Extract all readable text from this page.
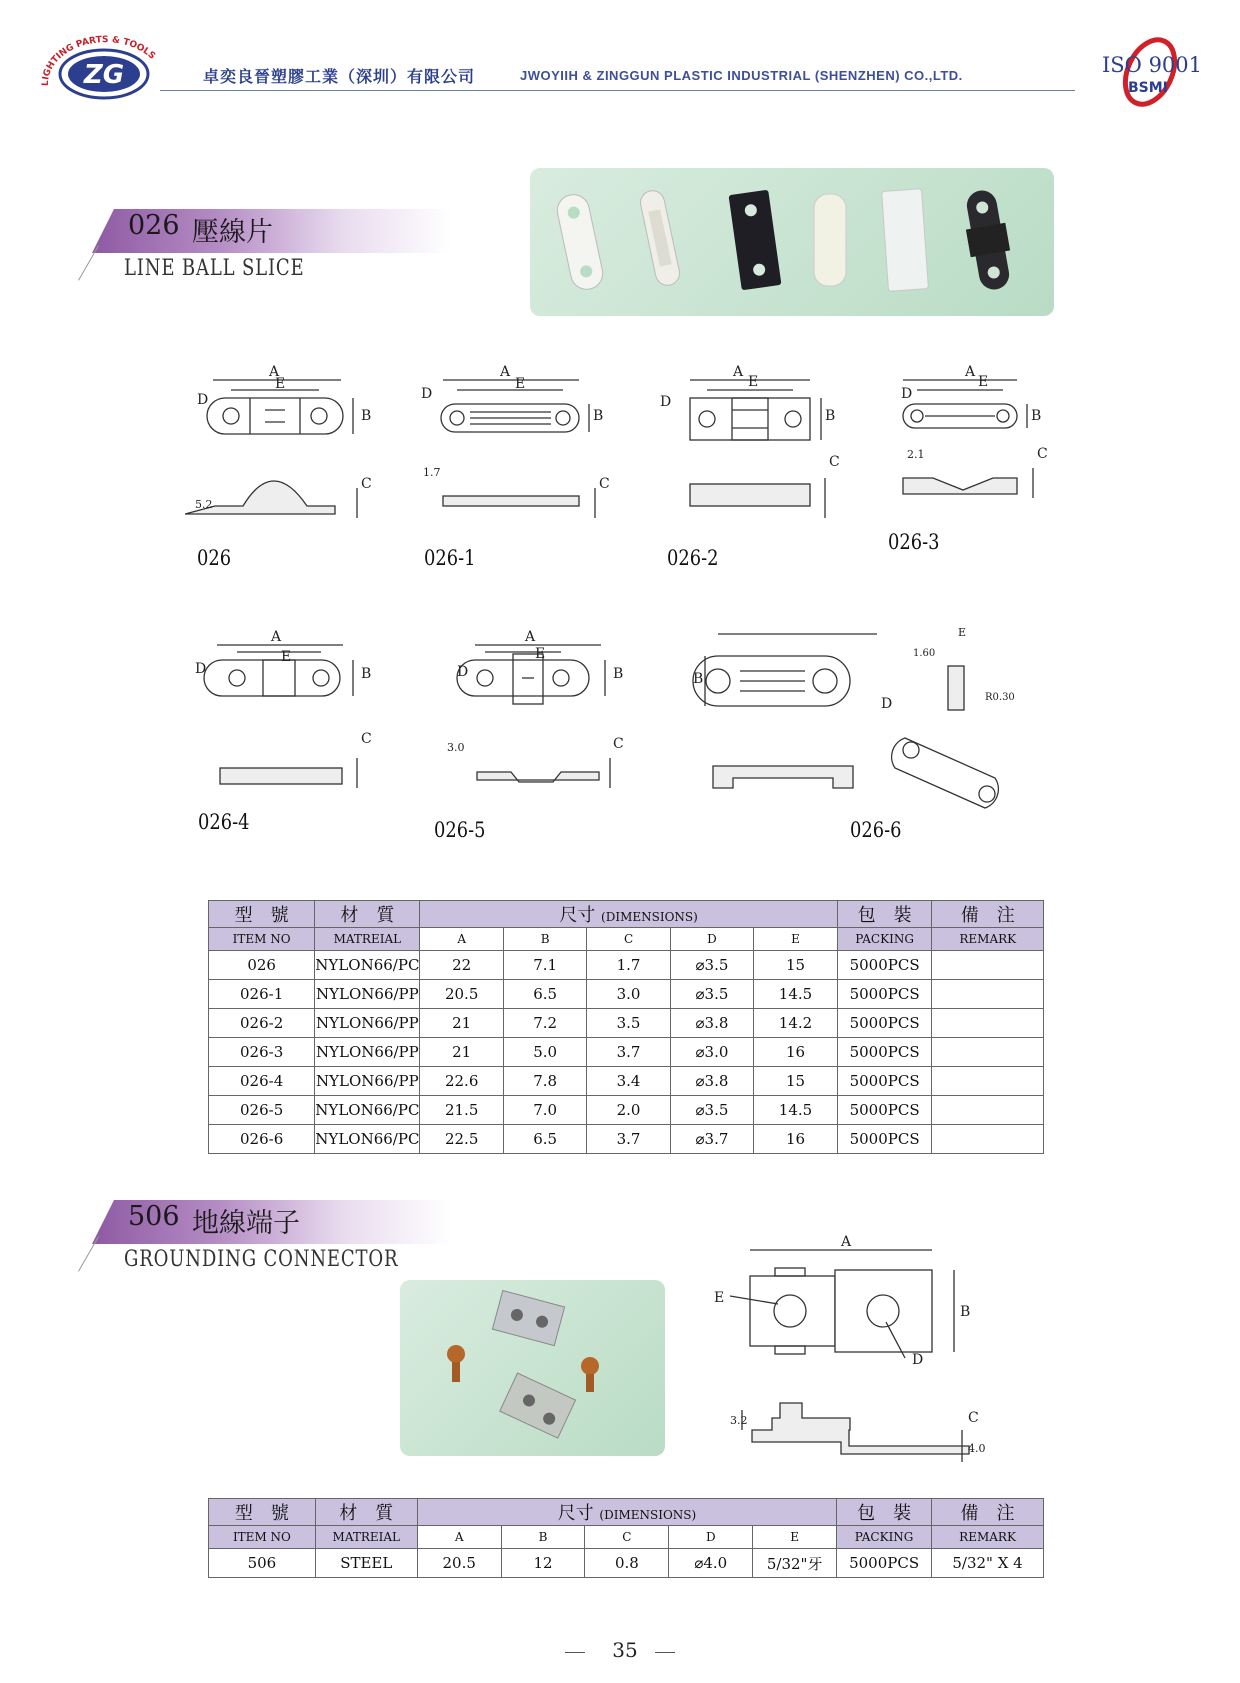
LIGHTING PARTS & TOOLS
ZG	卓奕良晉塑膠工業（深圳）有限公司	JWOYIIH & ZINGGUN PLASTIC INDUSTRIAL (SHENZHEN) CO.,LTD.	ISO 9001
BSMI
026 壓線片
LINE BALL SLICE
A
E
D
B
C
5.2
A
E
D
B
C
1.7
A
E
D
B
C
A
E
D
B
C
2.1
A
E
D	B
C
A
E
D	B
C
3.0
B
D
E
1.60
R0.30
026	026-1	026-2
026-3
026-4	026-5	026-6
型　號	材　質	尺寸 (DIMENSIONS)					包　裝	備　注
ITEM NO	MATREIAL	A	B	C	D	E	PACKING	REMARK
026	NYLON66/PC	22	7.1	1.7	⌀3.5	15	5000PCS	
026-1	NYLON66/PP	20.5	6.5	3.0	⌀3.5	14.5	5000PCS	
026-2	NYLON66/PP	21	7.2	3.5	⌀3.8	14.2	5000PCS	
026-3	NYLON66/PP	21	5.0	3.7	⌀3.0	16	5000PCS	
026-4	NYLON66/PP	22.6	7.8	3.4	⌀3.8	15	5000PCS	
026-5	NYLON66/PC	21.5	7.0	2.0	⌀3.5	14.5	5000PCS	
026-6	NYLON66/PC	22.5	6.5	3.7	⌀3.7	16	5000PCS	
506 地線端子
GROUNDING CONNECTOR
A
E
D
B
C
3.2
4.0
型　號	材　質	尺寸 (DIMENSIONS)					包　裝	備　注
ITEM NO	MATREIAL	A	B	C	D	E	PACKING	REMARK
506	STEEL	20.5	12	0.8	⌀4.0	5/32"牙	5000PCS	5/32" X 4
35
